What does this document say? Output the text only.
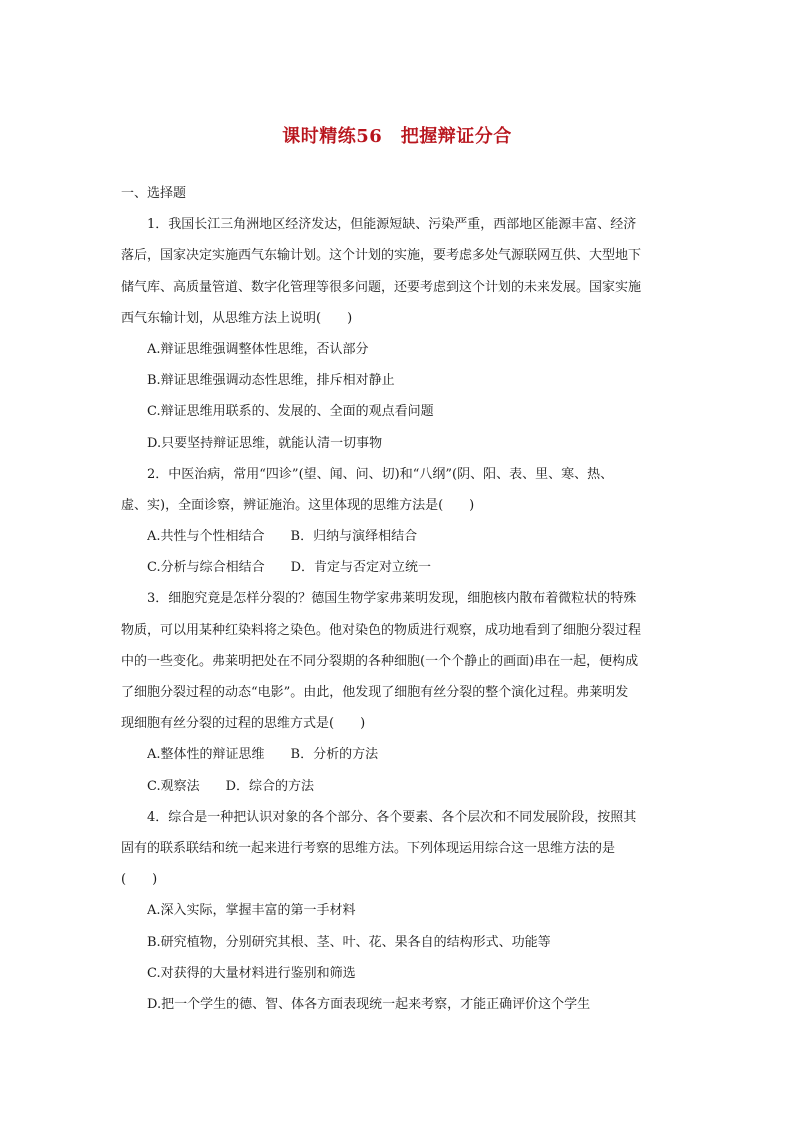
课时精练56　把握辩证分合
一、选择题
1．我国长江三角洲地区经济发达，但能源短缺、污染严重，西部地区能源丰富、经济
落后，国家决定实施西气东输计划。这个计划的实施，要考虑多处气源联网互供、大型地下
储气库、高质量管道、数字化管理等很多问题，还要考虑到这个计划的未来发展。国家实施
西气东输计划，从思维方法上说明(　　)
A.辩证思维强调整体性思维，否认部分
B.辩证思维强调动态性思维，排斥相对静止
C.辩证思维用联系的、发展的、全面的观点看问题
D.只要坚持辩证思维，就能认清一切事物
2．中医治病，常用“四诊”(望、闻、问、切)和“八纲”(阴、阳、表、里、寒、热、
虚、实)，全面诊察，辨证施治。这里体现的思维方法是(　　)
A.共性与个性相结合　　B．归纳与演绎相结合
C.分析与综合相结合　　D．肯定与否定对立统一
3．细胞究竟是怎样分裂的？德国生物学家弗莱明发现，细胞核内散布着微粒状的特殊
物质，可以用某种红染料将之染色。他对染色的物质进行观察，成功地看到了细胞分裂过程
中的一些变化。弗莱明把处在不同分裂期的各种细胞(一个个静止的画面)串在一起，便构成
了细胞分裂过程的动态“电影”。由此，他发现了细胞有丝分裂的整个演化过程。弗莱明发
现细胞有丝分裂的过程的思维方式是(　　)
A.整体性的辩证思维　　B．分析的方法
C.观察法　　D．综合的方法
4．综合是一种把认识对象的各个部分、各个要素、各个层次和不同发展阶段，按照其
固有的联系联结和统一起来进行考察的思维方法。下列体现运用综合这一思维方法的是
(　　)
A.深入实际，掌握丰富的第一手材料
B.研究植物，分别研究其根、茎、叶、花、果各自的结构形式、功能等
C.对获得的大量材料进行鉴别和筛选
D.把一个学生的德、智、体各方面表现统一起来考察，才能正确评价这个学生
